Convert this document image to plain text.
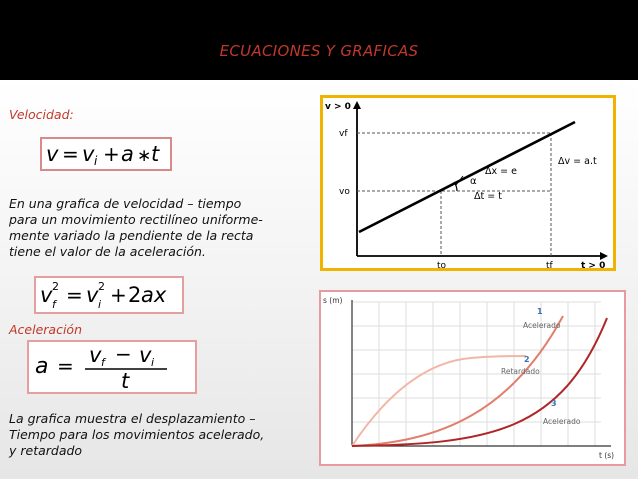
ECUACIONES Y GRAFICAS
Velocidad:
v = v i + a ∗ t
En una grafica de velocidad – tiempo
para un movimiento rectilíneo uniforme-
mente variado la pendiente de la recta
tiene el valor de la aceleración.
v 2
f = v 2
i + 2 ax
Aceleración
a = v f − v i
t
La grafica muestra el desplazamiento –
Tiempo para los movimientos acelerado,
y retardado
v > 0
t > 0
vf
vo
to	tf
Δx = e
α
Δt = t
Δv = a.t
s (m)
t (s)
1
Acelerado
2
Retardado
3
Acelerado
